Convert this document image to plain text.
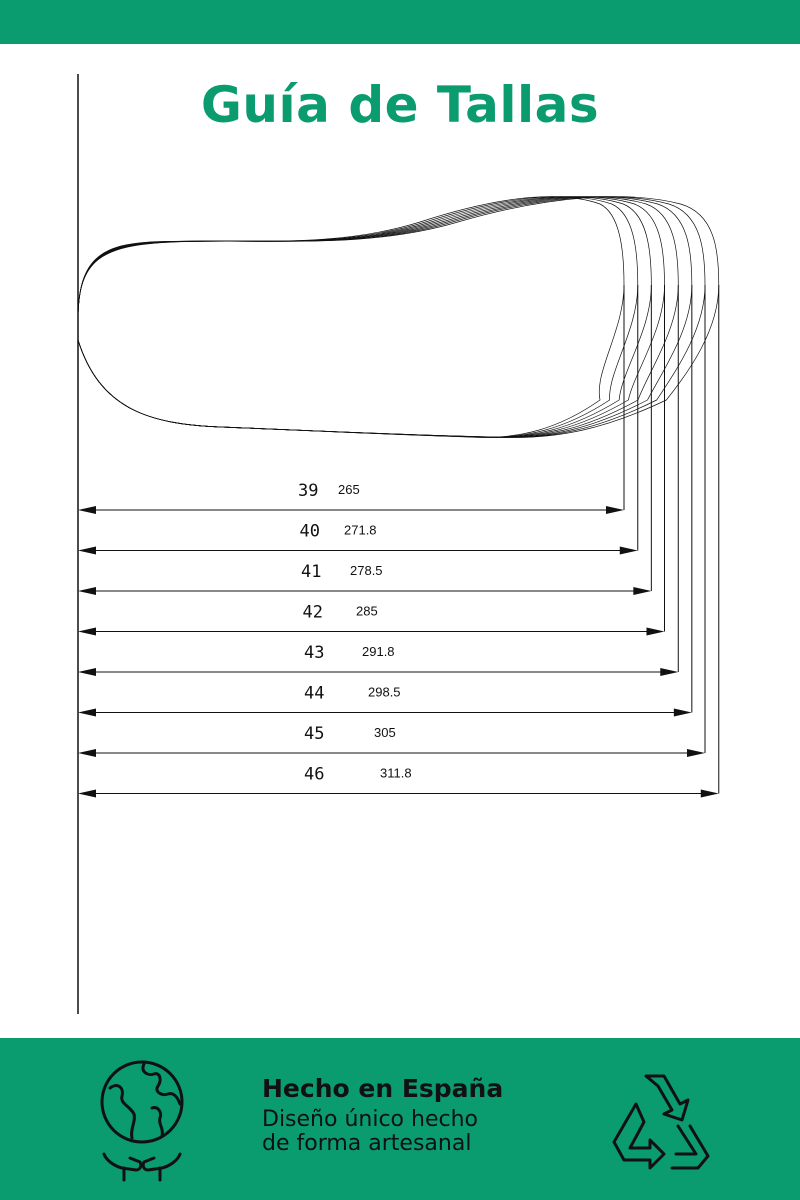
Guía de Tallas
39 265
40 271.8
41 278.5
42	285
43	291.8
44	298.5
45	305
46	311.8

Hecho en España

Diseño único hecho

de forma artesanal
